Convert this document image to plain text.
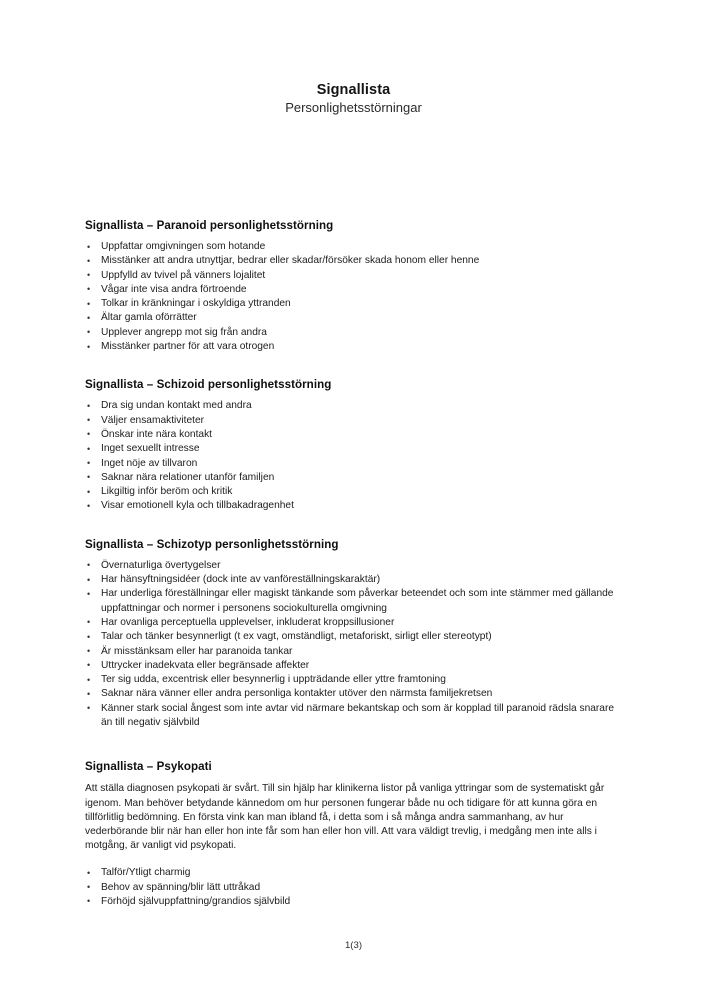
Signallista
Personlighetsstörningar
Signallista – Paranoid personlighetsstörning
• Uppfattar omgivningen som hotande
• Misstänker att andra utnyttjar, bedrar eller skadar/försöker skada honom eller henne
• Uppfylld av tvivel på vänners lojalitet
• Vågar inte visa andra förtroende
• Tolkar in kränkningar i oskyldiga yttranden
• Ältar gamla oförrätter
• Upplever angrepp mot sig från andra
• Misstänker partner för att vara otrogen
Signallista – Schizoid personlighetsstörning
• Dra sig undan kontakt med andra
• Väljer ensamaktiviteter
• Önskar inte nära kontakt
• Inget sexuellt intresse
• Inget nöje av tillvaron
• Saknar nära relationer utanför familjen
• Likgiltig inför beröm och kritik
• Visar emotionell kyla och tillbakadragenhet
Signallista – Schizotyp personlighetsstörning
• Övernaturliga övertygelser
• Har hänsyftningsidéer (dock inte av vanföreställningskaraktär)
• Har underliga föreställningar eller magiskt tänkande som påverkar beteendet och som inte stämmer med gällande uppfattningar och normer i personens sociokulturella omgivning
• Har ovanliga perceptuella upplevelser, inkluderat kroppsillusioner
• Talar och tänker besynnerligt (t ex vagt, omständligt, metaforiskt, sirligt eller stereotypt)
• Är misstänksam eller har paranoida tankar
• Uttrycker inadekvata eller begränsade affekter
• Ter sig udda, excentrisk eller besynnerlig i uppträdande eller yttre framtoning
• Saknar nära vänner eller andra personliga kontakter utöver den närmsta familjekretsen
• Känner stark social ångest som inte avtar vid närmare bekantskap och som är kopplad till paranoid rädsla snarare än till negativ självbild
Signallista – Psykopati

Att ställa diagnosen psykopati är svårt. Till sin hjälp har klinikerna listor på vanliga yttringar som de systematiskt går igenom. Man behöver betydande kännedom om hur personen fungerar både nu och tidigare för att kunna göra en tillförlitlig bedömning. En första vink kan man ibland få, i detta som i så många andra sammanhang, av hur vederbörande blir när han eller hon inte får som han eller hon vill. Att vara väldigt trevlig, i medgång men inte alls i motgång, är vanligt vid psykopati.

• Talför/Ytligt charmig
• Behov av spänning/blir lätt uttråkad
• Förhöjd självuppfattning/grandios självbild
1(3)
